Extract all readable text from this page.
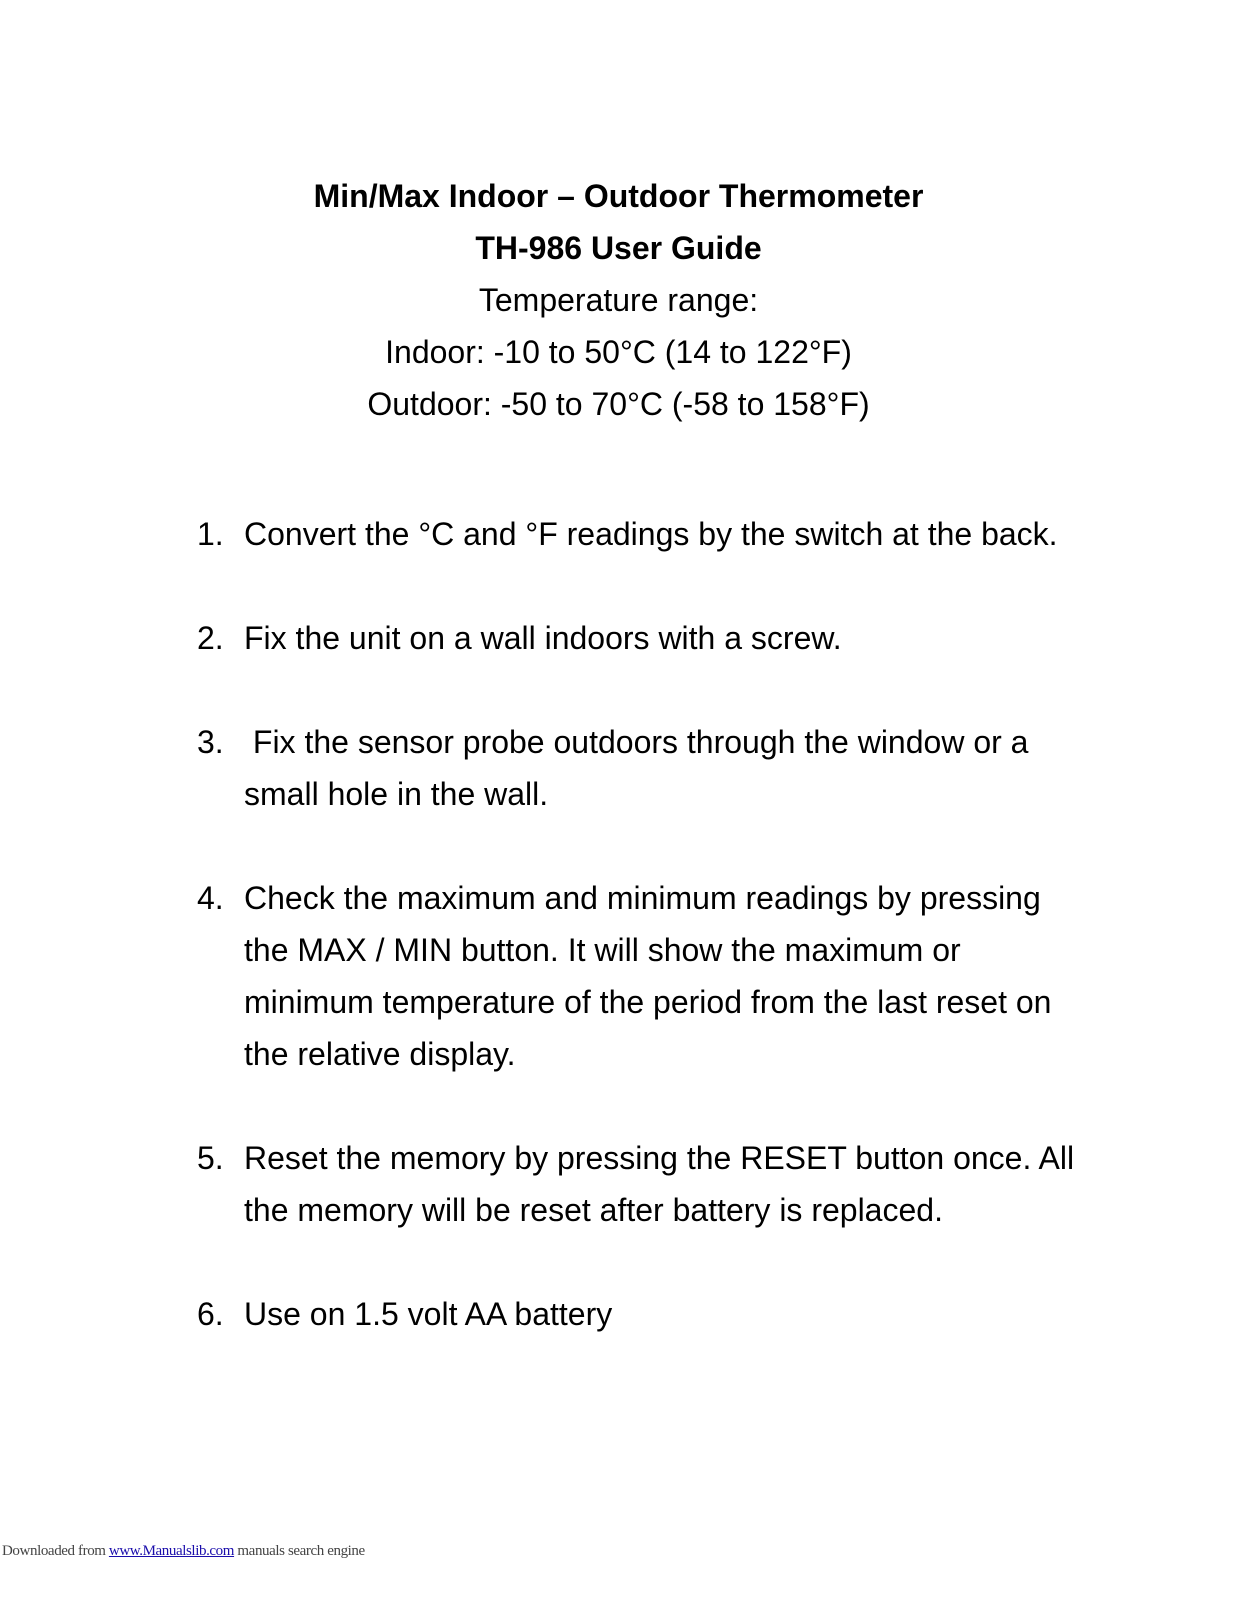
Min/Max Indoor – Outdoor Thermometer
TH-986 User Guide
Temperature range:
Indoor: -10 to 50°C (14 to 122°F)
Outdoor: -50 to 70°C (-58 to 158°F)
1. Convert the °C and °F readings by the switch at the back.
2. Fix the unit on a wall indoors with a screw.
3. Fix the sensor probe outdoors through the window or a small hole in the wall.
4. Check the maximum and minimum readings by pressing the MAX / MIN button. It will show the maximum or minimum temperature of the period from the last reset on the relative display.
5. Reset the memory by pressing the RESET button once. All the memory will be reset after battery is replaced.
6. Use on 1.5 volt AA battery
Downloaded from www.Manualslib.com manuals search engine
